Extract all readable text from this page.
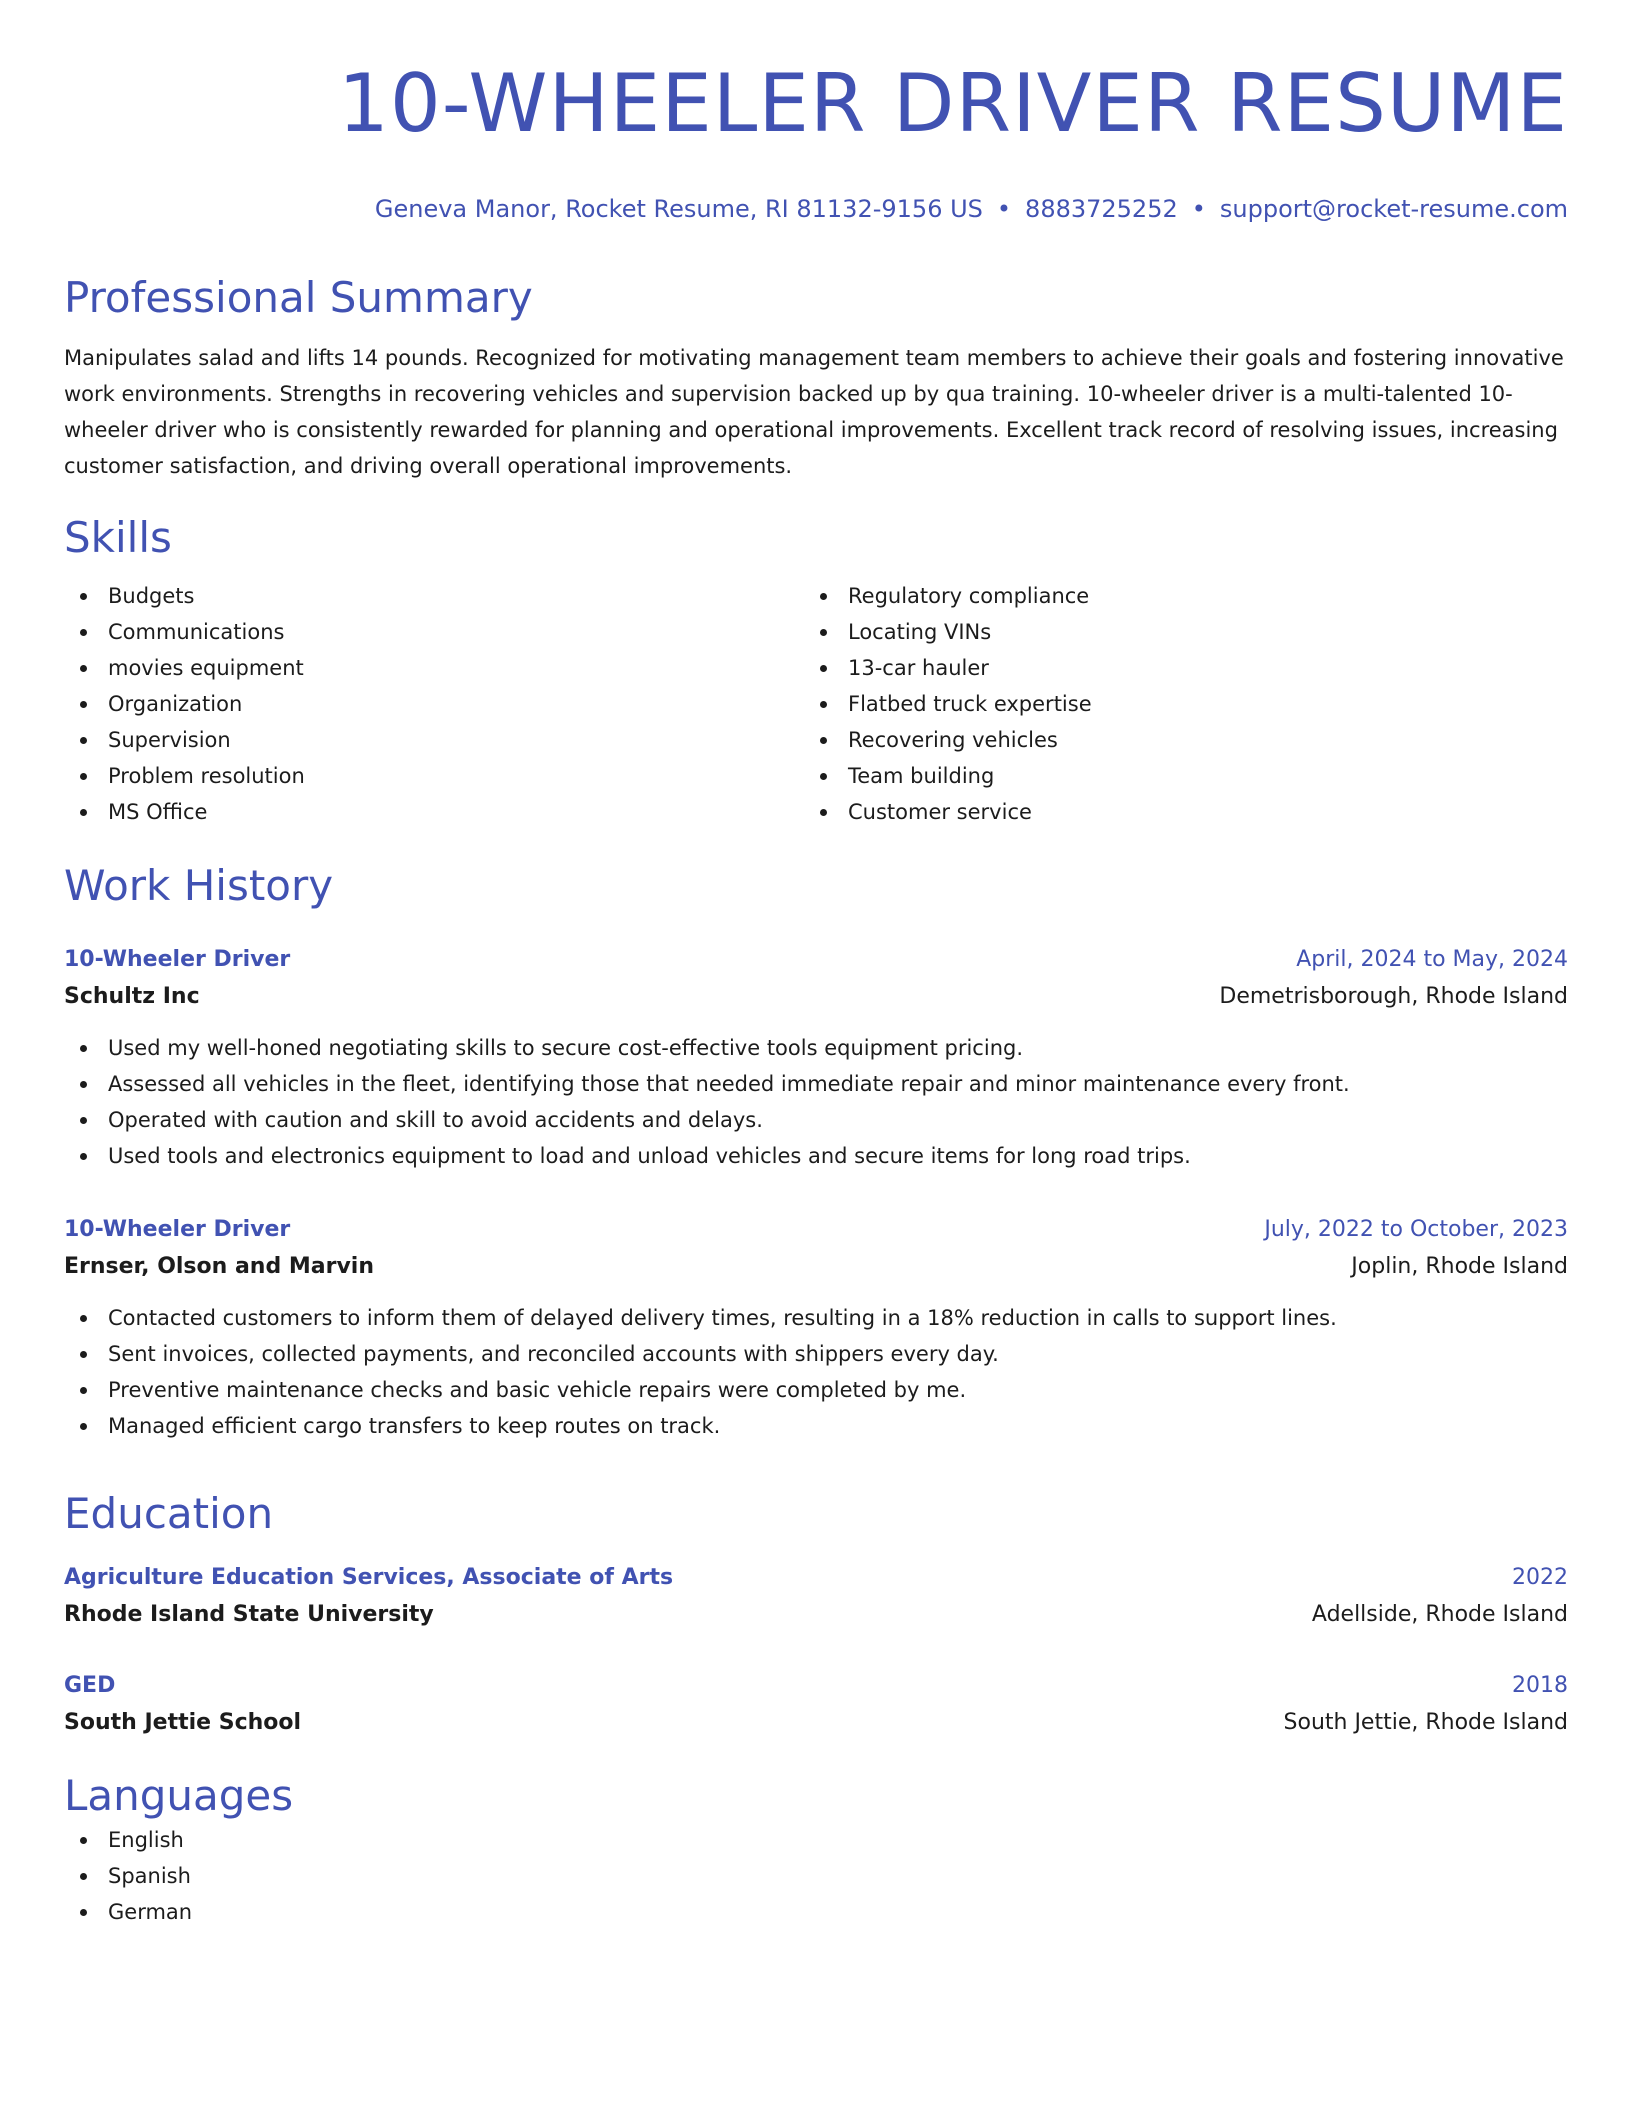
10-WHEELER DRIVER RESUME
Geneva Manor, Rocket Resume, RI 81132-9156 US • 8883725252 • support@rocket-resume.com
Professional Summary

Manipulates salad and lifts 14 pounds. Recognized for motivating management team members to achieve their goals and fostering innovative work environments. Strengths in recovering vehicles and supervision backed up by qua training. 10-wheeler driver is a multi-talented 10-wheeler driver who is consistently rewarded for planning and operational improvements. Excellent track record of resolving issues, increasing customer satisfaction, and driving overall operational improvements.

Skills
Budgets
Communications
movies equipment
Organization
Supervision
Problem resolution
MS Office
Regulatory compliance
Locating VINs
13-car hauler
Flatbed truck expertise
Recovering vehicles
Team building
Customer service
Work History
10-Wheeler Driver	April, 2024 to May, 2024
Schultz Inc	Demetrisborough, Rhode Island
Used my well-honed negotiating skills to secure cost-effective tools equipment pricing.
Assessed all vehicles in the fleet, identifying those that needed immediate repair and minor maintenance every front.
Operated with caution and skill to avoid accidents and delays.
Used tools and electronics equipment to load and unload vehicles and secure items for long road trips.
10-Wheeler Driver	July, 2022 to October, 2023
Ernser, Olson and Marvin	Joplin, Rhode Island
Contacted customers to inform them of delayed delivery times, resulting in a 18% reduction in calls to support lines.
Sent invoices, collected payments, and reconciled accounts with shippers every day.
Preventive maintenance checks and basic vehicle repairs were completed by me.
Managed efficient cargo transfers to keep routes on track.
Education
Agriculture Education Services, Associate of Arts	2022
Rhode Island State University	Adellside, Rhode Island
GED	2018
South Jettie School	South Jettie, Rhode Island
Languages
English
Spanish
German
